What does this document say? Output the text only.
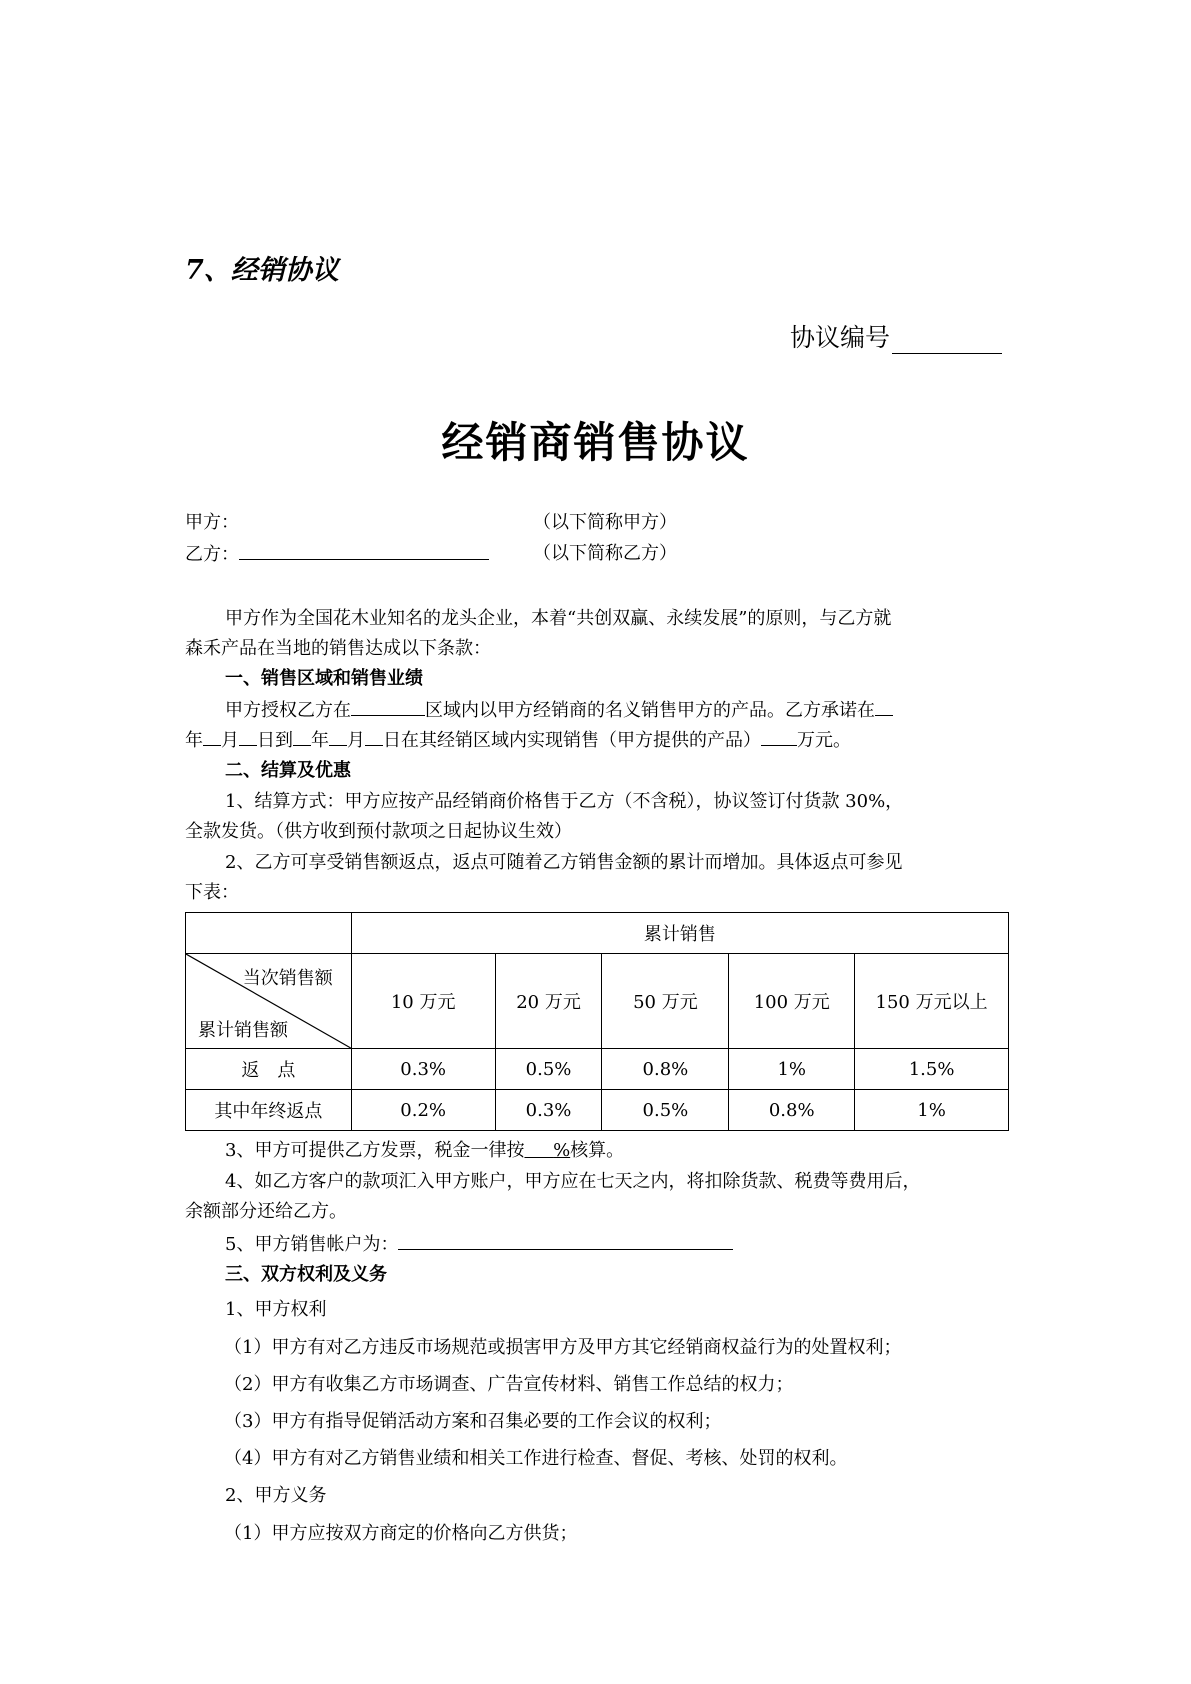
7、经销协议
协议编号
经销商销售协议
甲方：	（以下简称甲方）
乙方：	（以下简称乙方）
甲方作为全国花木业知名的龙头企业，本着“共创双赢、永续发展”的原则，与乙方就
森禾产品在当地的销售达成以下条款：
一、销售区域和销售业绩
甲方授权乙方在	区域内以甲方经销商的名义销售甲方的产品。乙方承诺在
年 月 日到 年 月 日在其经销区域内实现销售（甲方提供的产品） 万元。
二、结算及优惠
1、结算方式：甲方应按产品经销商价格售于乙方（不含税），协议签订付货款 30%，
全款发货。（供方收到预付款项之日起协议生效）
2、乙方可享受销售额返点，返点可随着乙方销售金额的累计而增加。具体返点可参见
下表：
	累计销售				

当次销售额
累计销售额	10 万元	20 万元	50 万元	100 万元	150 万元以上
返　点	0.3%	0.5%	0.8%	1%	1.5%
其中年终返点	0.2%	0.3%	0.5%	0.8%	1%
3、甲方可提供乙方发票，税金一律按 %核算。
4、如乙方客户的款项汇入甲方账户，甲方应在七天之内，将扣除货款、税费等费用后，
余额部分还给乙方。
5、甲方销售帐户为：
三、双方权利及义务
1、甲方权利
（1）甲方有对乙方违反市场规范或损害甲方及甲方其它经销商权益行为的处置权利；
（2）甲方有收集乙方市场调查、广告宣传材料、销售工作总结的权力；
（3）甲方有指导促销活动方案和召集必要的工作会议的权利；
（4）甲方有对乙方销售业绩和相关工作进行检查、督促、考核、处罚的权利。
2、甲方义务
（1）甲方应按双方商定的价格向乙方供货；
